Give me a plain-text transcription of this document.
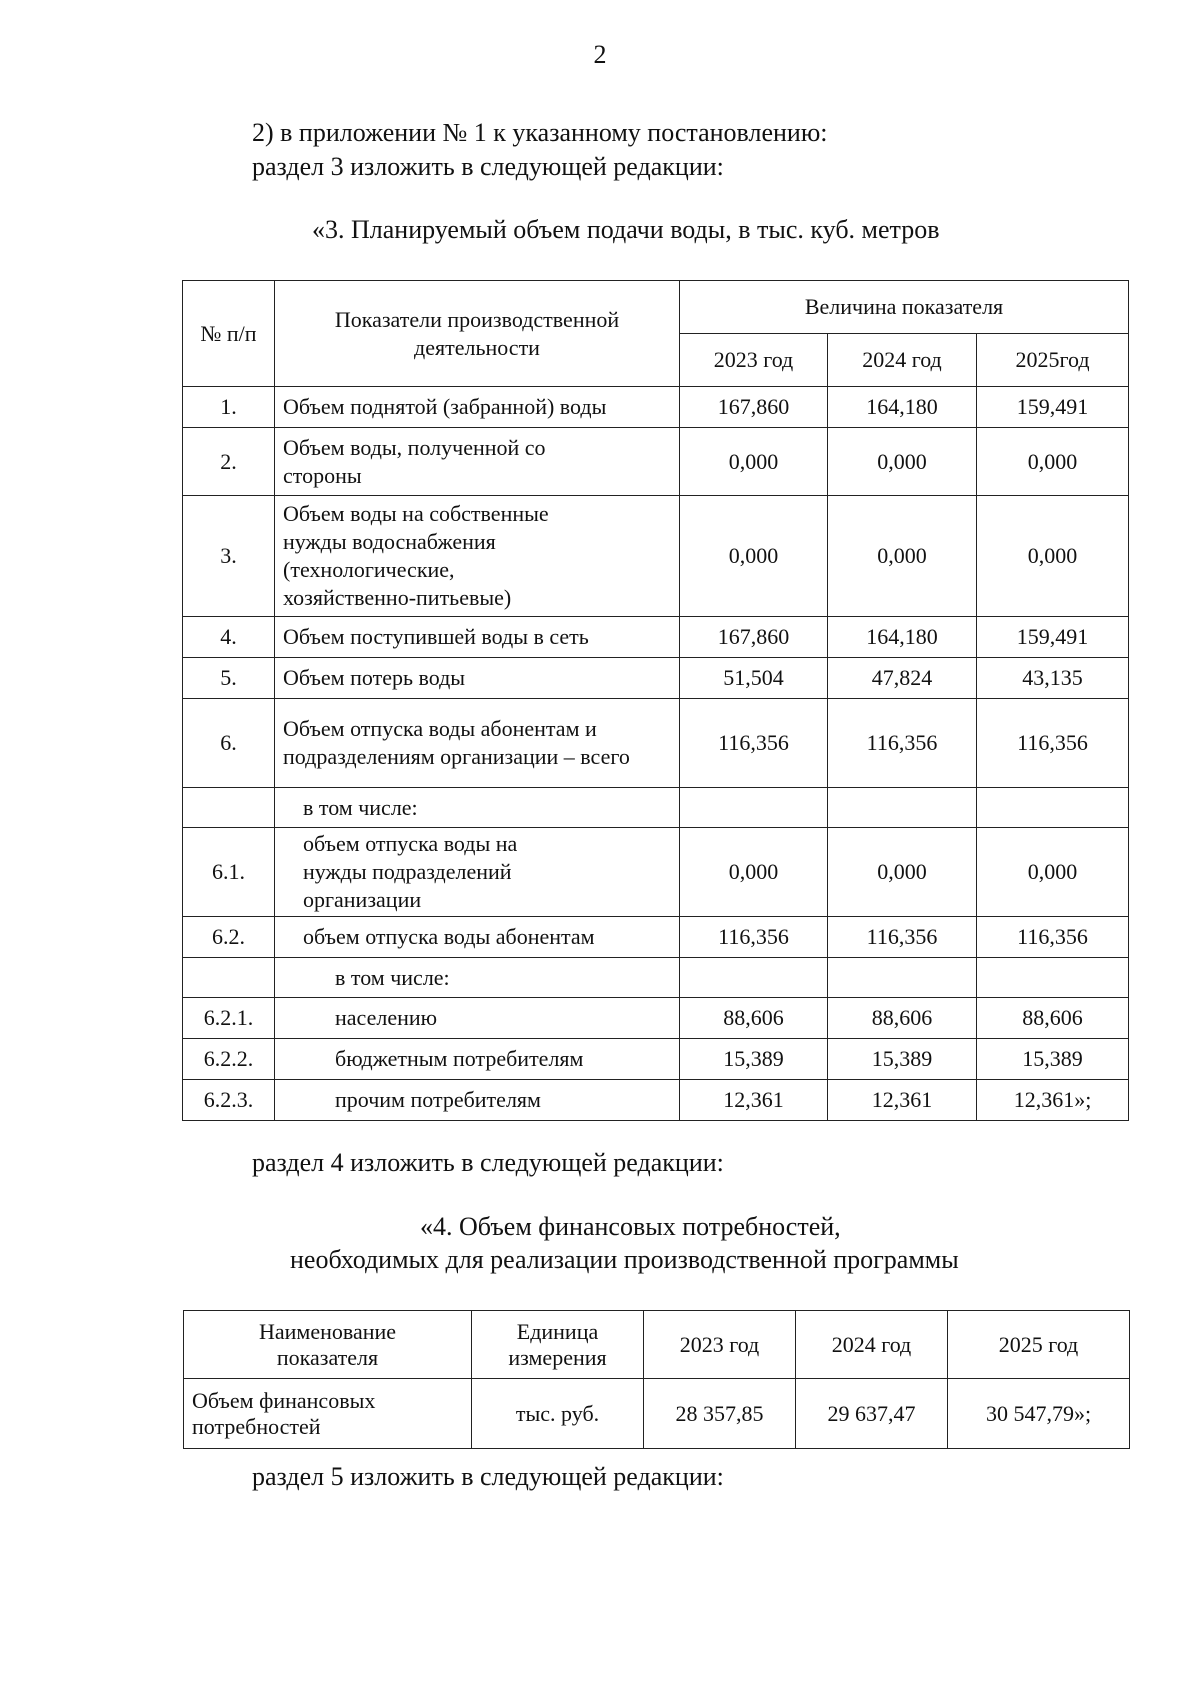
2
2) в приложении № 1 к указанному постановлению:
раздел 3 изложить в следующей редакции:
«3. Планируемый объем подачи воды, в тыс. куб. метров
№ п/п	Показатели производственной деятельности	Величина показателя		
		2023 год	2024 год	2025год
1.	Объем поднятой (забранной) воды	167,860	164,180	159,491
2.	Объем воды, полученной со стороны	0,000	0,000	0,000
3.	Объем воды на собственные нужды водоснабжения (технологические, хозяйственно-питьевые)	0,000	0,000	0,000
4.	Объем поступившей воды в сеть	167,860	164,180	159,491
5.	Объем потерь воды	51,504	47,824	43,135
6.	Объем отпуска воды абонентам и подразделениям организации – всего	116,356	116,356	116,356
	в том числе:			
6.1.	объем отпуска воды на нужды подразделений организации	0,000	0,000	0,000
6.2.	объем отпуска воды абонентам	116,356	116,356	116,356
	в том числе:			
6.2.1.	населению	88,606	88,606	88,606
6.2.2.	бюджетным потребителям	15,389	15,389	15,389
6.2.3.	прочим потребителям	12,361	12,361	12,361»;
раздел 4 изложить в следующей редакции:
«4. Объем финансовых потребностей,
необходимых для реализации производственной программы
Наименование показателя	Единица измерения	2023 год	2024 год	2025 год
Объем финансовых потребностей	тыс. руб.	28 357,85	29 637,47	30 547,79»;
раздел 5 изложить в следующей редакции:
